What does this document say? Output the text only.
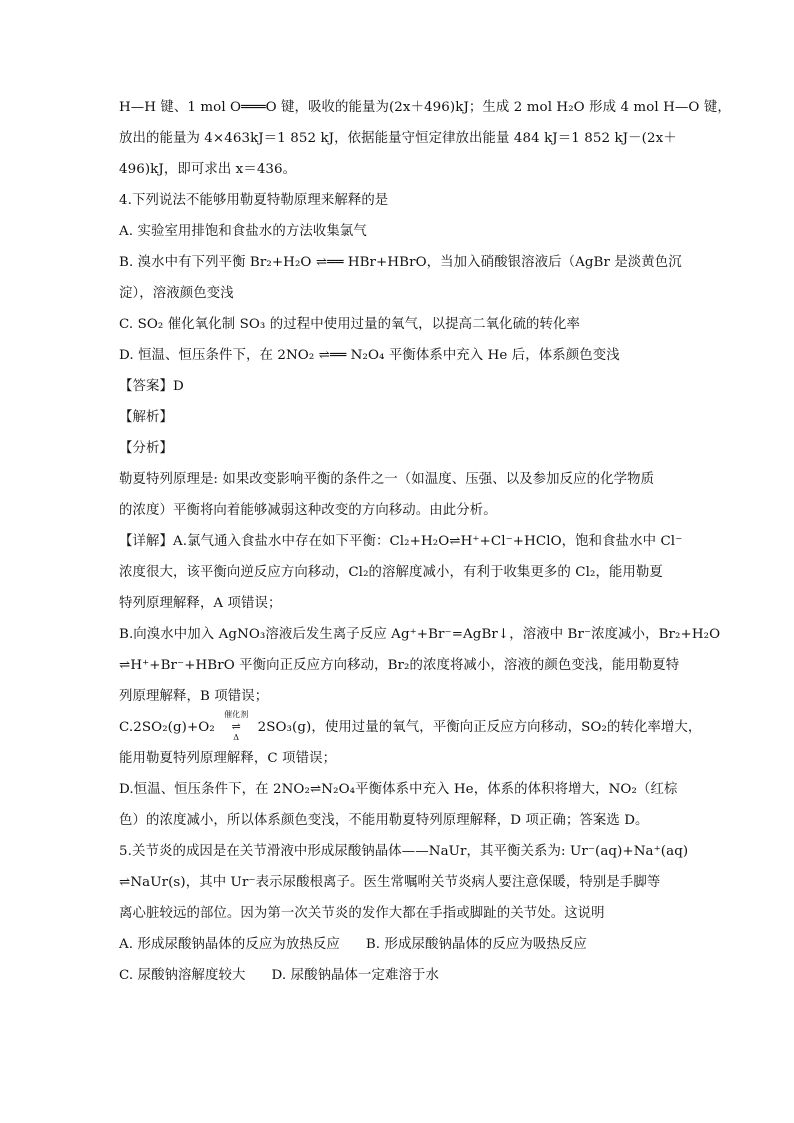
H—H 键、1 mol O═══O 键，吸收的能量为(2x＋496)kJ；生成 2 mol H₂O 形成 4 mol H—O 键，
放出的能量为 4×463kJ＝1 852 kJ，依据能量守恒定律放出能量 484 kJ＝1 852 kJ－(2x＋
496)kJ，即可求出 x＝436。
4.下列说法不能够用勒夏特勒原理来解释的是
A. 实验室用排饱和食盐水的方法收集氯气
B. 溴水中有下列平衡 Br₂+H₂O ⇌══ HBr+HBrO，当加入硝酸银溶液后（AgBr 是淡黄色沉
淀），溶液颜色变浅
C. SO₂ 催化氧化制 SO₃ 的过程中使用过量的氧气，以提高二氧化硫的转化率
D. 恒温、恒压条件下，在 2NO₂ ⇌══ N₂O₄ 平衡体系中充入 He 后，体系颜色变浅
【答案】D
【解析】
【分析】
勒夏特列原理是: 如果改变影响平衡的条件之一（如温度、压强、以及参加反应的化学物质
的浓度）平衡将向着能够减弱这种改变的方向移动。由此分析。
【详解】A.氯气通入食盐水中存在如下平衡：Cl₂+H₂O⇌H⁺+Cl⁻+HClO，饱和食盐水中 Cl⁻
浓度很大，该平衡向逆反应方向移动，Cl₂的溶解度减小，有利于收集更多的 Cl₂，能用勒夏
特列原理解释，A 项错误；
B.向溴水中加入 AgNO₃溶液后发生离子反应 Ag⁺+Br⁻=AgBr↓，溶液中 Br⁻浓度减小，Br₂+H₂O
⇌H⁺+Br⁻+HBrO 平衡向正反应方向移动，Br₂的浓度将减小，溶液的颜色变浅，能用勒夏特
列原理解释，B 项错误；
C.2SO₂(g)+O₂
催化剂
⇌
Δ
2SO₃(g)，使用过量的氧气，平衡向正反应方向移动，SO₂的转化率增大，
能用勒夏特列原理解释，C 项错误；
D.恒温、恒压条件下，在 2NO₂⇌N₂O₄平衡体系中充入 He，体系的体积将增大，NO₂（红棕
色）的浓度减小，所以体系颜色变浅，不能用勒夏特列原理解释，D 项正确；答案选 D。
5.关节炎的成因是在关节滑液中形成尿酸钠晶体——NaUr，其平衡关系为: Ur⁻(aq)+Na⁺(aq)
⇌NaUr(s)，其中 Ur⁻表示尿酸根离子。医生常嘱咐关节炎病人要注意保暖，特别是手脚等
离心脏较远的部位。因为第一次关节炎的发作大都在手指或脚趾的关节处。这说明
A. 形成尿酸钠晶体的反应为放热反应 B. 形成尿酸钠晶体的反应为吸热反应
C. 尿酸钠溶解度较大 D. 尿酸钠晶体一定难溶于水
